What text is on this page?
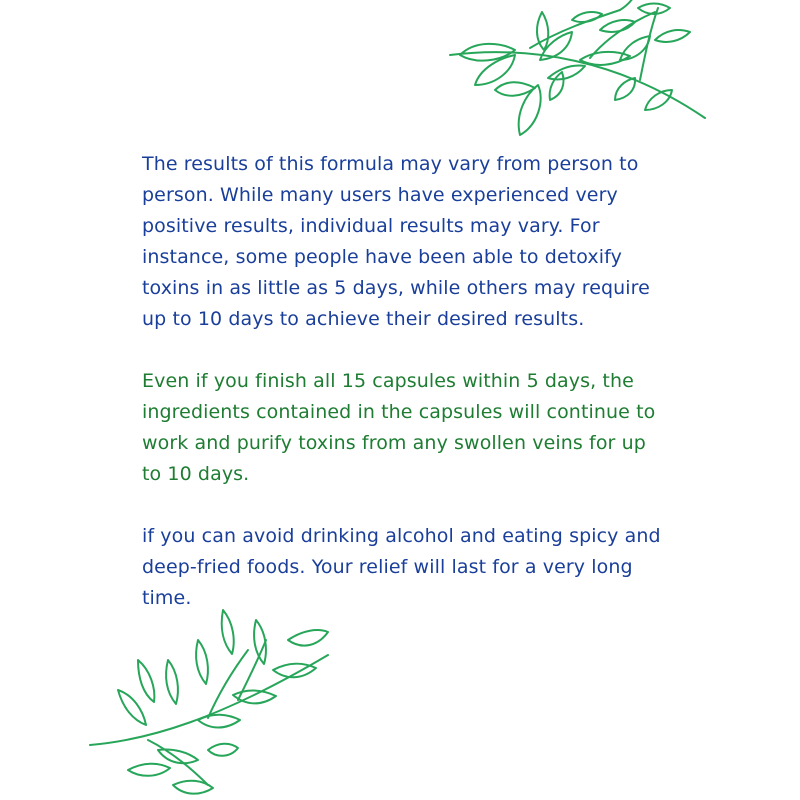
The results of this formula may vary from person to person. While many users have experienced very positive results, individual results may vary. For instance, some people have been able to detoxify toxins in as little as 5 days, while others may require up to 10 days to achieve their desired results.

Even if you finish all 15 capsules within 5 days, the ingredients contained in the capsules will continue to work and purify toxins from any swollen veins for up to 10 days.

if you can avoid drinking alcohol and eating spicy and deep-fried foods. Your relief will last for a very long time.
